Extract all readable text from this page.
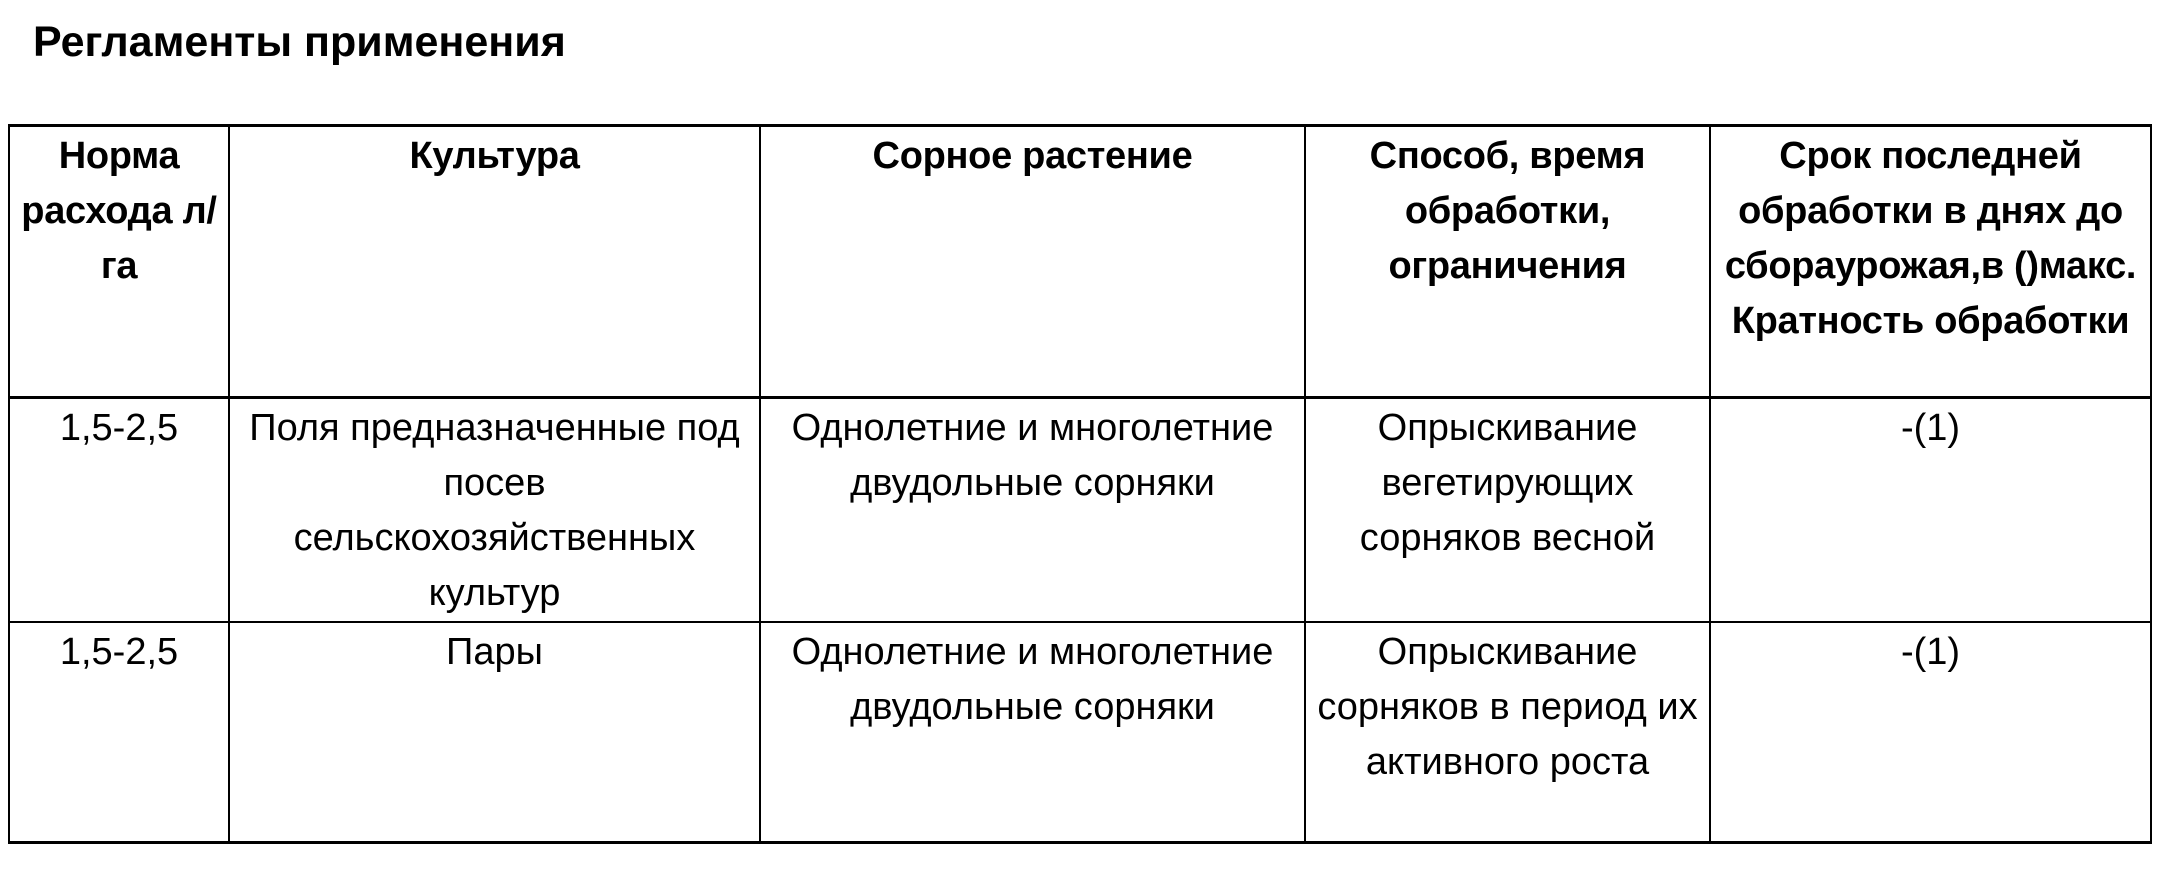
Регламенты применения
Норма расхода л/га	Культура	Сорное растение	Способ, время обработки, ограничения	Срок последней обработки в днях до сбораурожая,в ()макс. Кратность обработки

1,5-2,5	Поля предназначенные под посев сельскохозяйственных культур	Однолетние и многолетние двудольные сорняки	Опрыскивание вегетирующих сорняков весной	-(1)

1,5-2,5	Пары	Однолетние и многолетние двудольные сорняки	Опрыскивание сорняков в период их активного роста	-(1)
